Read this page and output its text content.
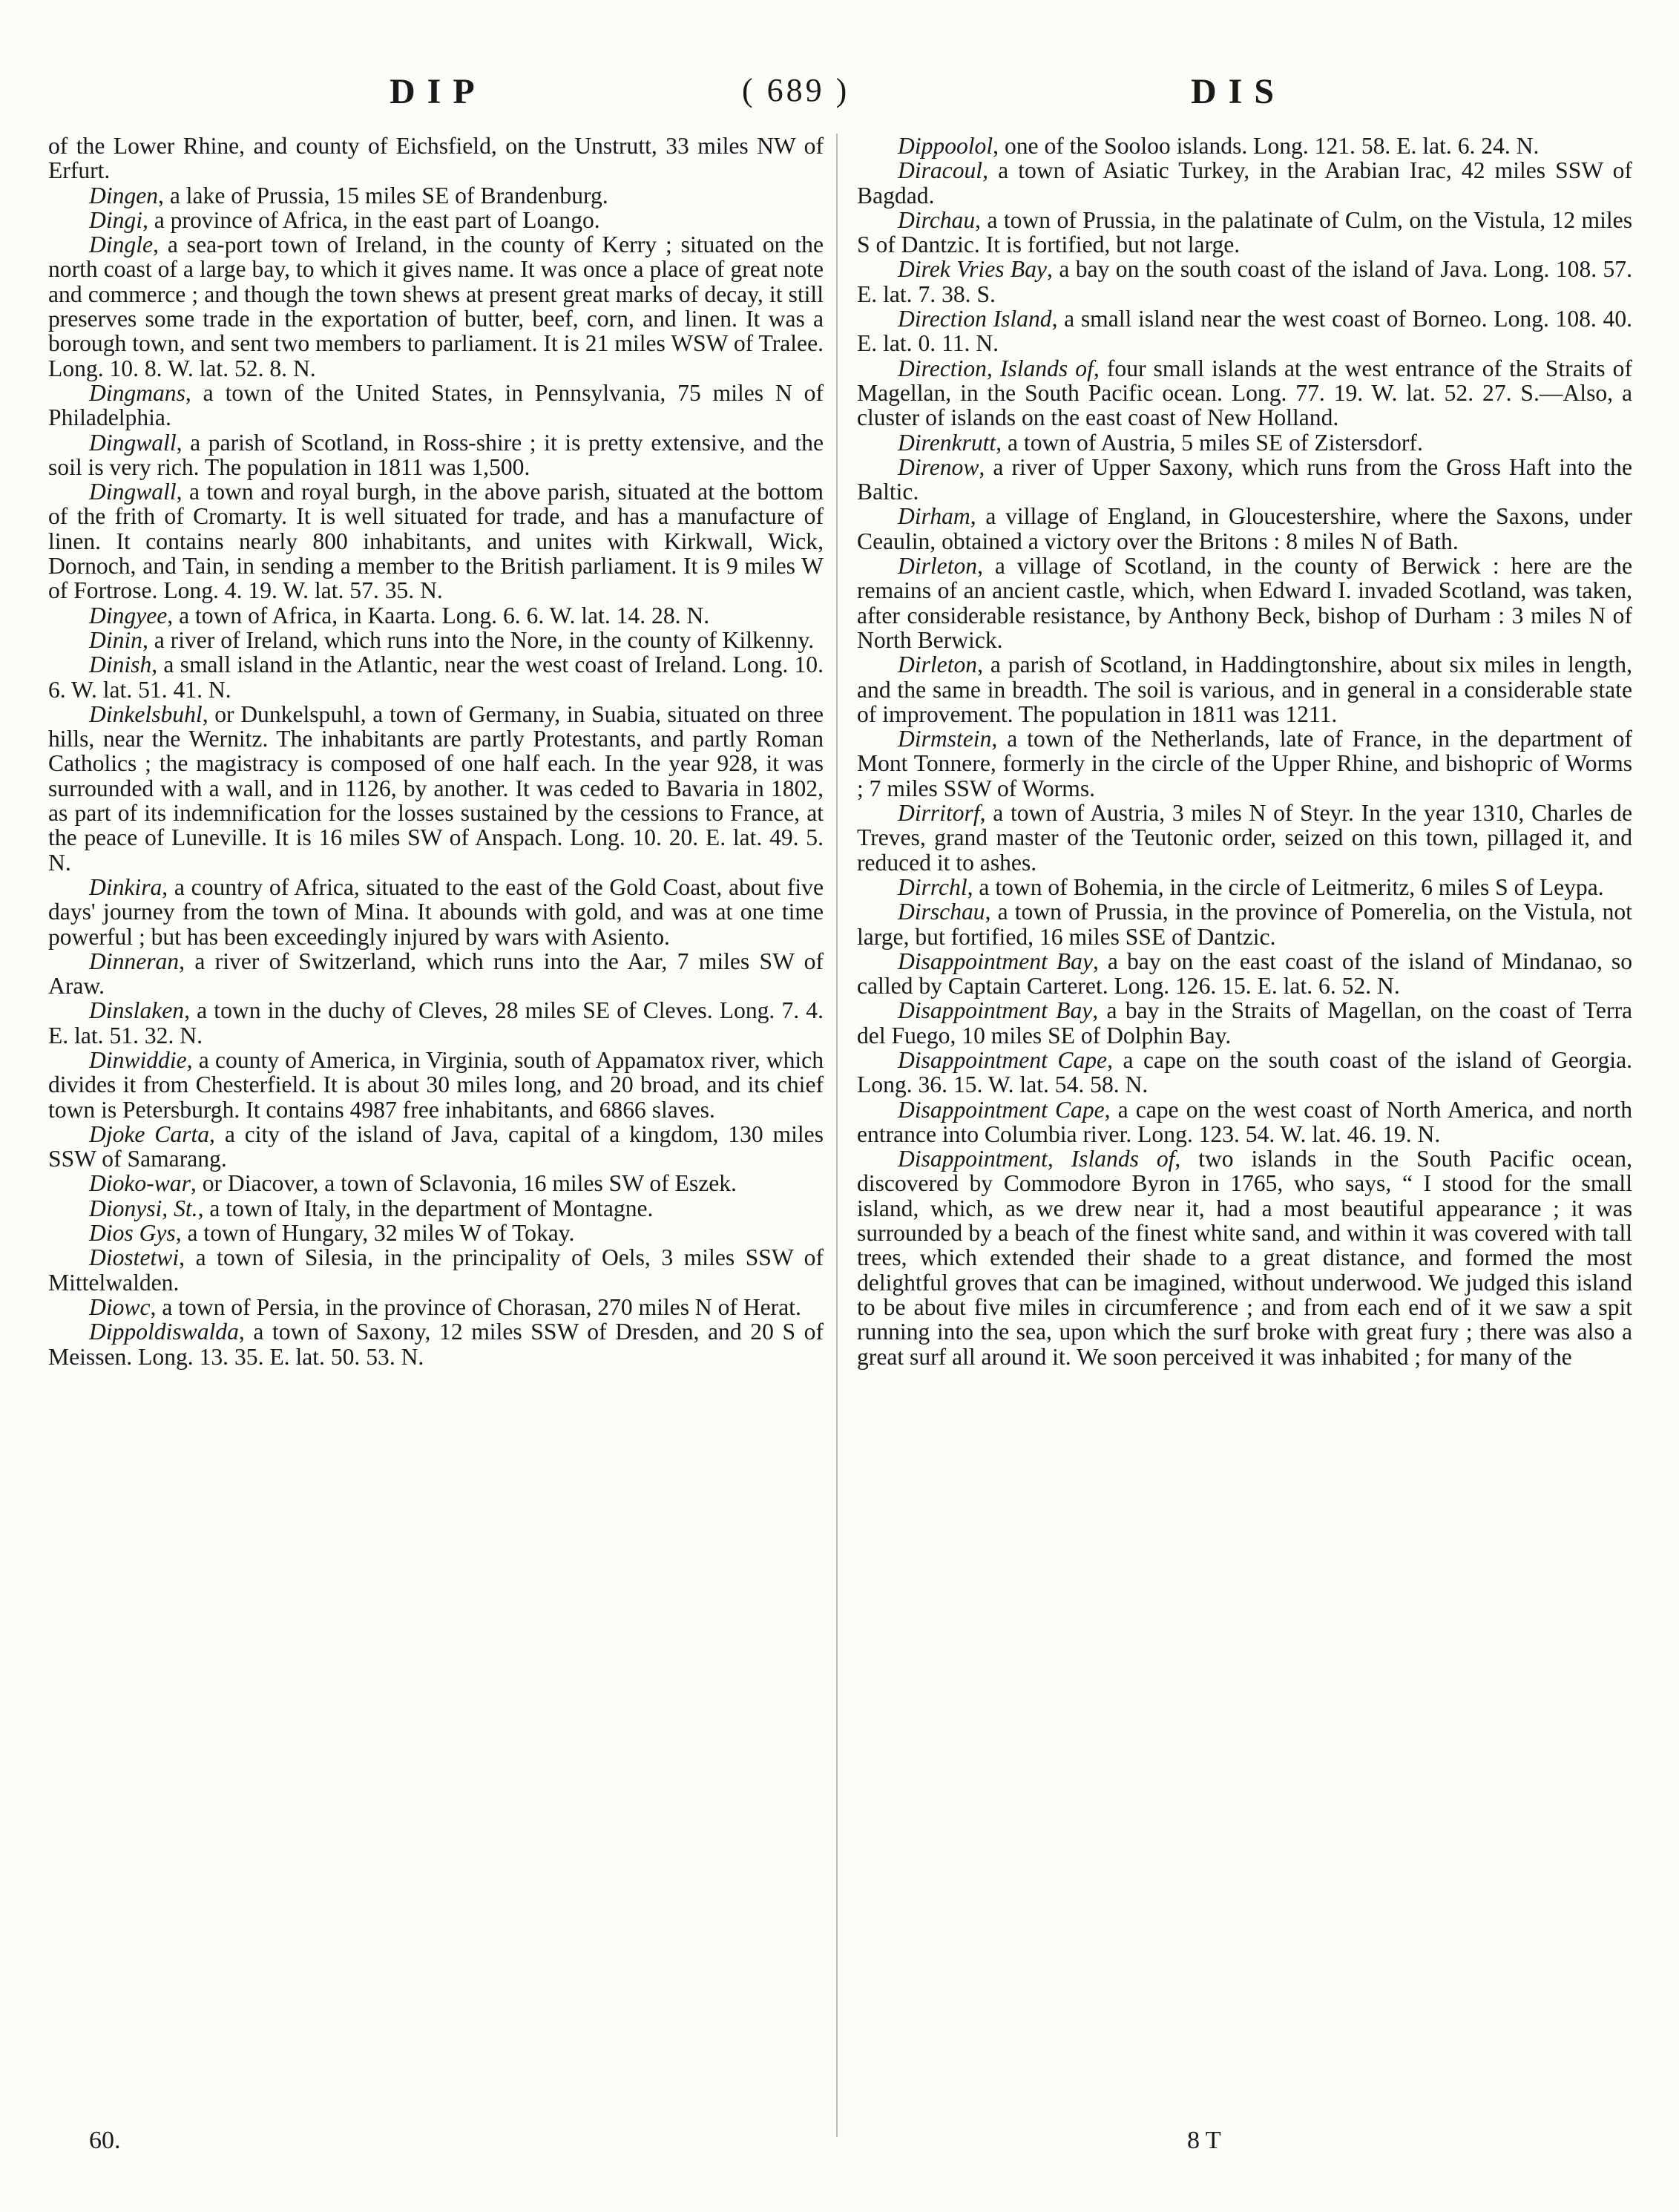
DIP	( 689 )	DIS

of the Lower Rhine, and county of Eichsfield, on the Unstrutt, 33 miles NW of Erfurt.

Dingen, a lake of Prussia, 15 miles SE of Brandenburg.

Dingi, a province of Africa, in the east part of Loango.

Dingle, a sea-port town of Ireland, in the county of Kerry ; situated on the north coast of a large bay, to which it gives name. It was once a place of great note and commerce ; and though the town shews at present great marks of decay, it still preserves some trade in the exportation of butter, beef, corn, and linen. It was a borough town, and sent two members to parliament. It is 21 miles WSW of Tralee. Long. 10. 8. W. lat. 52. 8. N.

Dingmans, a town of the United States, in Pennsylvania, 75 miles N of Philadelphia.

Dingwall, a parish of Scotland, in Ross-shire ; it is pretty extensive, and the soil is very rich. The population in 1811 was 1,500.

Dingwall, a town and royal burgh, in the above parish, situated at the bottom of the frith of Cromarty. It is well situated for trade, and has a manufacture of linen. It contains nearly 800 inhabitants, and unites with Kirkwall, Wick, Dornoch, and Tain, in sending a member to the British parliament. It is 9 miles W of Fortrose. Long. 4. 19. W. lat. 57. 35. N.

Dingyee, a town of Africa, in Kaarta. Long. 6. 6. W. lat. 14. 28. N.

Dinin, a river of Ireland, which runs into the Nore, in the county of Kilkenny.

Dinish, a small island in the Atlantic, near the west coast of Ireland. Long. 10. 6. W. lat. 51. 41. N.

Dinkelsbuhl, or Dunkelspuhl, a town of Germany, in Suabia, situated on three hills, near the Wernitz. The inhabitants are partly Protestants, and partly Roman Catholics ; the magistracy is composed of one half each. In the year 928, it was surrounded with a wall, and in 1126, by another. It was ceded to Bavaria in 1802, as part of its indemnification for the losses sustained by the cessions to France, at the peace of Luneville. It is 16 miles SW of Anspach. Long. 10. 20. E. lat. 49. 5. N.

Dinkira, a country of Africa, situated to the east of the Gold Coast, about five days' journey from the town of Mina. It abounds with gold, and was at one time powerful ; but has been exceedingly injured by wars with Asiento.

Dinneran, a river of Switzerland, which runs into the Aar, 7 miles SW of Araw.

Dinslaken, a town in the duchy of Cleves, 28 miles SE of Cleves. Long. 7. 4. E. lat. 51. 32. N.

Dinwiddie, a county of America, in Virginia, south of Appamatox river, which divides it from Chesterfield. It is about 30 miles long, and 20 broad, and its chief town is Petersburgh. It contains 4987 free inhabitants, and 6866 slaves.

Djoke Carta, a city of the island of Java, capital of a kingdom, 130 miles SSW of Samarang.

Dioko-war, or Diacover, a town of Sclavonia, 16 miles SW of Eszek.

Dionysi, St., a town of Italy, in the department of Montagne.

Dios Gys, a town of Hungary, 32 miles W of Tokay.

Diostetwi, a town of Silesia, in the principality of Oels, 3 miles SSW of Mittelwalden.

Diowc, a town of Persia, in the province of Chorasan, 270 miles N of Herat.

Dippoldiswalda, a town of Saxony, 12 miles SSW of Dresden, and 20 S of Meissen. Long. 13. 35. E. lat. 50. 53. N.

Dippoolol, one of the Sooloo islands. Long. 121. 58. E. lat. 6. 24. N.

Diracoul, a town of Asiatic Turkey, in the Arabian Irac, 42 miles SSW of Bagdad.

Dirchau, a town of Prussia, in the palatinate of Culm, on the Vistula, 12 miles S of Dantzic. It is fortified, but not large.

Direk Vries Bay, a bay on the south coast of the island of Java. Long. 108. 57. E. lat. 7. 38. S.

Direction Island, a small island near the west coast of Borneo. Long. 108. 40. E. lat. 0. 11. N.

Direction, Islands of, four small islands at the west entrance of the Straits of Magellan, in the South Pacific ocean. Long. 77. 19. W. lat. 52. 27. S.—Also, a cluster of islands on the east coast of New Holland.

Direnkrutt, a town of Austria, 5 miles SE of Zistersdorf.

Direnow, a river of Upper Saxony, which runs from the Gross Haft into the Baltic.

Dirham, a village of England, in Gloucestershire, where the Saxons, under Ceaulin, obtained a victory over the Britons : 8 miles N of Bath.

Dirleton, a village of Scotland, in the county of Berwick : here are the remains of an ancient castle, which, when Edward I. invaded Scotland, was taken, after considerable resistance, by Anthony Beck, bishop of Durham : 3 miles N of North Berwick.

Dirleton, a parish of Scotland, in Haddingtonshire, about six miles in length, and the same in breadth. The soil is various, and in general in a considerable state of improvement. The population in 1811 was 1211.

Dirmstein, a town of the Netherlands, late of France, in the department of Mont Tonnere, formerly in the circle of the Upper Rhine, and bishopric of Worms ; 7 miles SSW of Worms.

Dirritorf, a town of Austria, 3 miles N of Steyr. In the year 1310, Charles de Treves, grand master of the Teutonic order, seized on this town, pillaged it, and reduced it to ashes.

Dirrchl, a town of Bohemia, in the circle of Leitmeritz, 6 miles S of Leypa.

Dirschau, a town of Prussia, in the province of Pomerelia, on the Vistula, not large, but fortified, 16 miles SSE of Dantzic.

Disappointment Bay, a bay on the east coast of the island of Mindanao, so called by Captain Carteret. Long. 126. 15. E. lat. 6. 52. N.

Disappointment Bay, a bay in the Straits of Magellan, on the coast of Terra del Fuego, 10 miles SE of Dolphin Bay.

Disappointment Cape, a cape on the south coast of the island of Georgia. Long. 36. 15. W. lat. 54. 58. N.

Disappointment Cape, a cape on the west coast of North America, and north entrance into Columbia river. Long. 123. 54. W. lat. 46. 19. N.

Disappointment, Islands of, two islands in the South Pacific ocean, discovered by Commodore Byron in 1765, who says, “ I stood for the small island, which, as we drew near it, had a most beautiful appearance ; it was surrounded by a beach of the finest white sand, and within it was covered with tall trees, which extended their shade to a great distance, and formed the most delightful groves that can be imagined, without underwood. We judged this island to be about five miles in circumference ; and from each end of it we saw a spit running into the sea, upon which the surf broke with great fury ; there was also a great surf all around it. We soon perceived it was inhabited ; for many of the

60.	8 T
